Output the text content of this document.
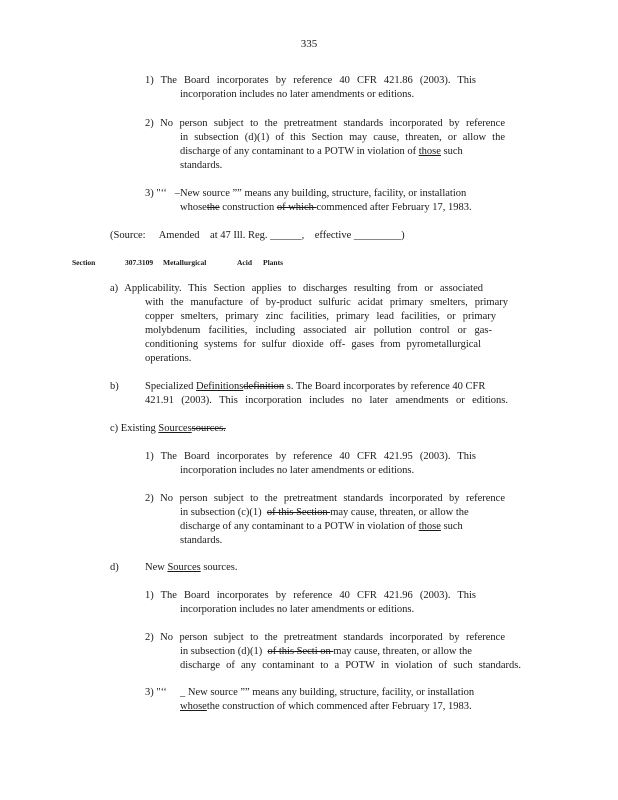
335
1) The Board incorporates by reference 40 CFR 421.86 (2003). This
incorporation includes no later amendments or editions.
2) No person subject to the pretreatment standards incorporated by reference
in subsection (d)(1) of this Section may cause, threaten, or allow the
discharge of any contaminant to a POTW in violation of those such
standards.
3) "‘‘ –New source ”” means any building, structure, facility, or installation
whosethe construction of which commenced after February 17, 1983.
(Source: Amended at 47 Ill. Reg. ______, effective _________)
Section	307.3109 Metallurgical	Acid Plants
a) Applicability. This Section applies to discharges resulting from or associated
with the manufacture of by-product sulfuric acidat primary smelters, primary
copper smelters, primary zinc facilities, primary lead facilities, or primary
molybdenum facilities, including associated air pollution control or gas-
conditioning systems for sulfur dioxide off- gases from pyrometallurgical
operations.
b)	Specialized Definitionsdefinition s. The Board incorporates by reference 40 CFR
421.91 (2003). This incorporation includes no later amendments or editions.
c) Existing Sourcessources.
1) The Board incorporates by reference 40 CFR 421.95 (2003). This
incorporation includes no later amendments or editions.
2) No person subject to the pretreatment standards incorporated by reference
in subsection (c)(1)  of this Section may cause, threaten, or allow the
discharge of any contaminant to a POTW in violation of those such
standards.
d)	New Sources sources.
1) The Board incorporates by reference 40 CFR 421.96 (2003). This
incorporation includes no later amendments or editions.
2) No person subject to the pretreatment standards incorporated by reference
in subsection (d)(1)  of this Secti on may cause, threaten, or allow the
discharge of any contaminant to a POTW in violation of such standards.
3) "‘‘     _ New source ”” means any building, structure, facility, or installation
whosethe construction of which commenced after February 17, 1983.
